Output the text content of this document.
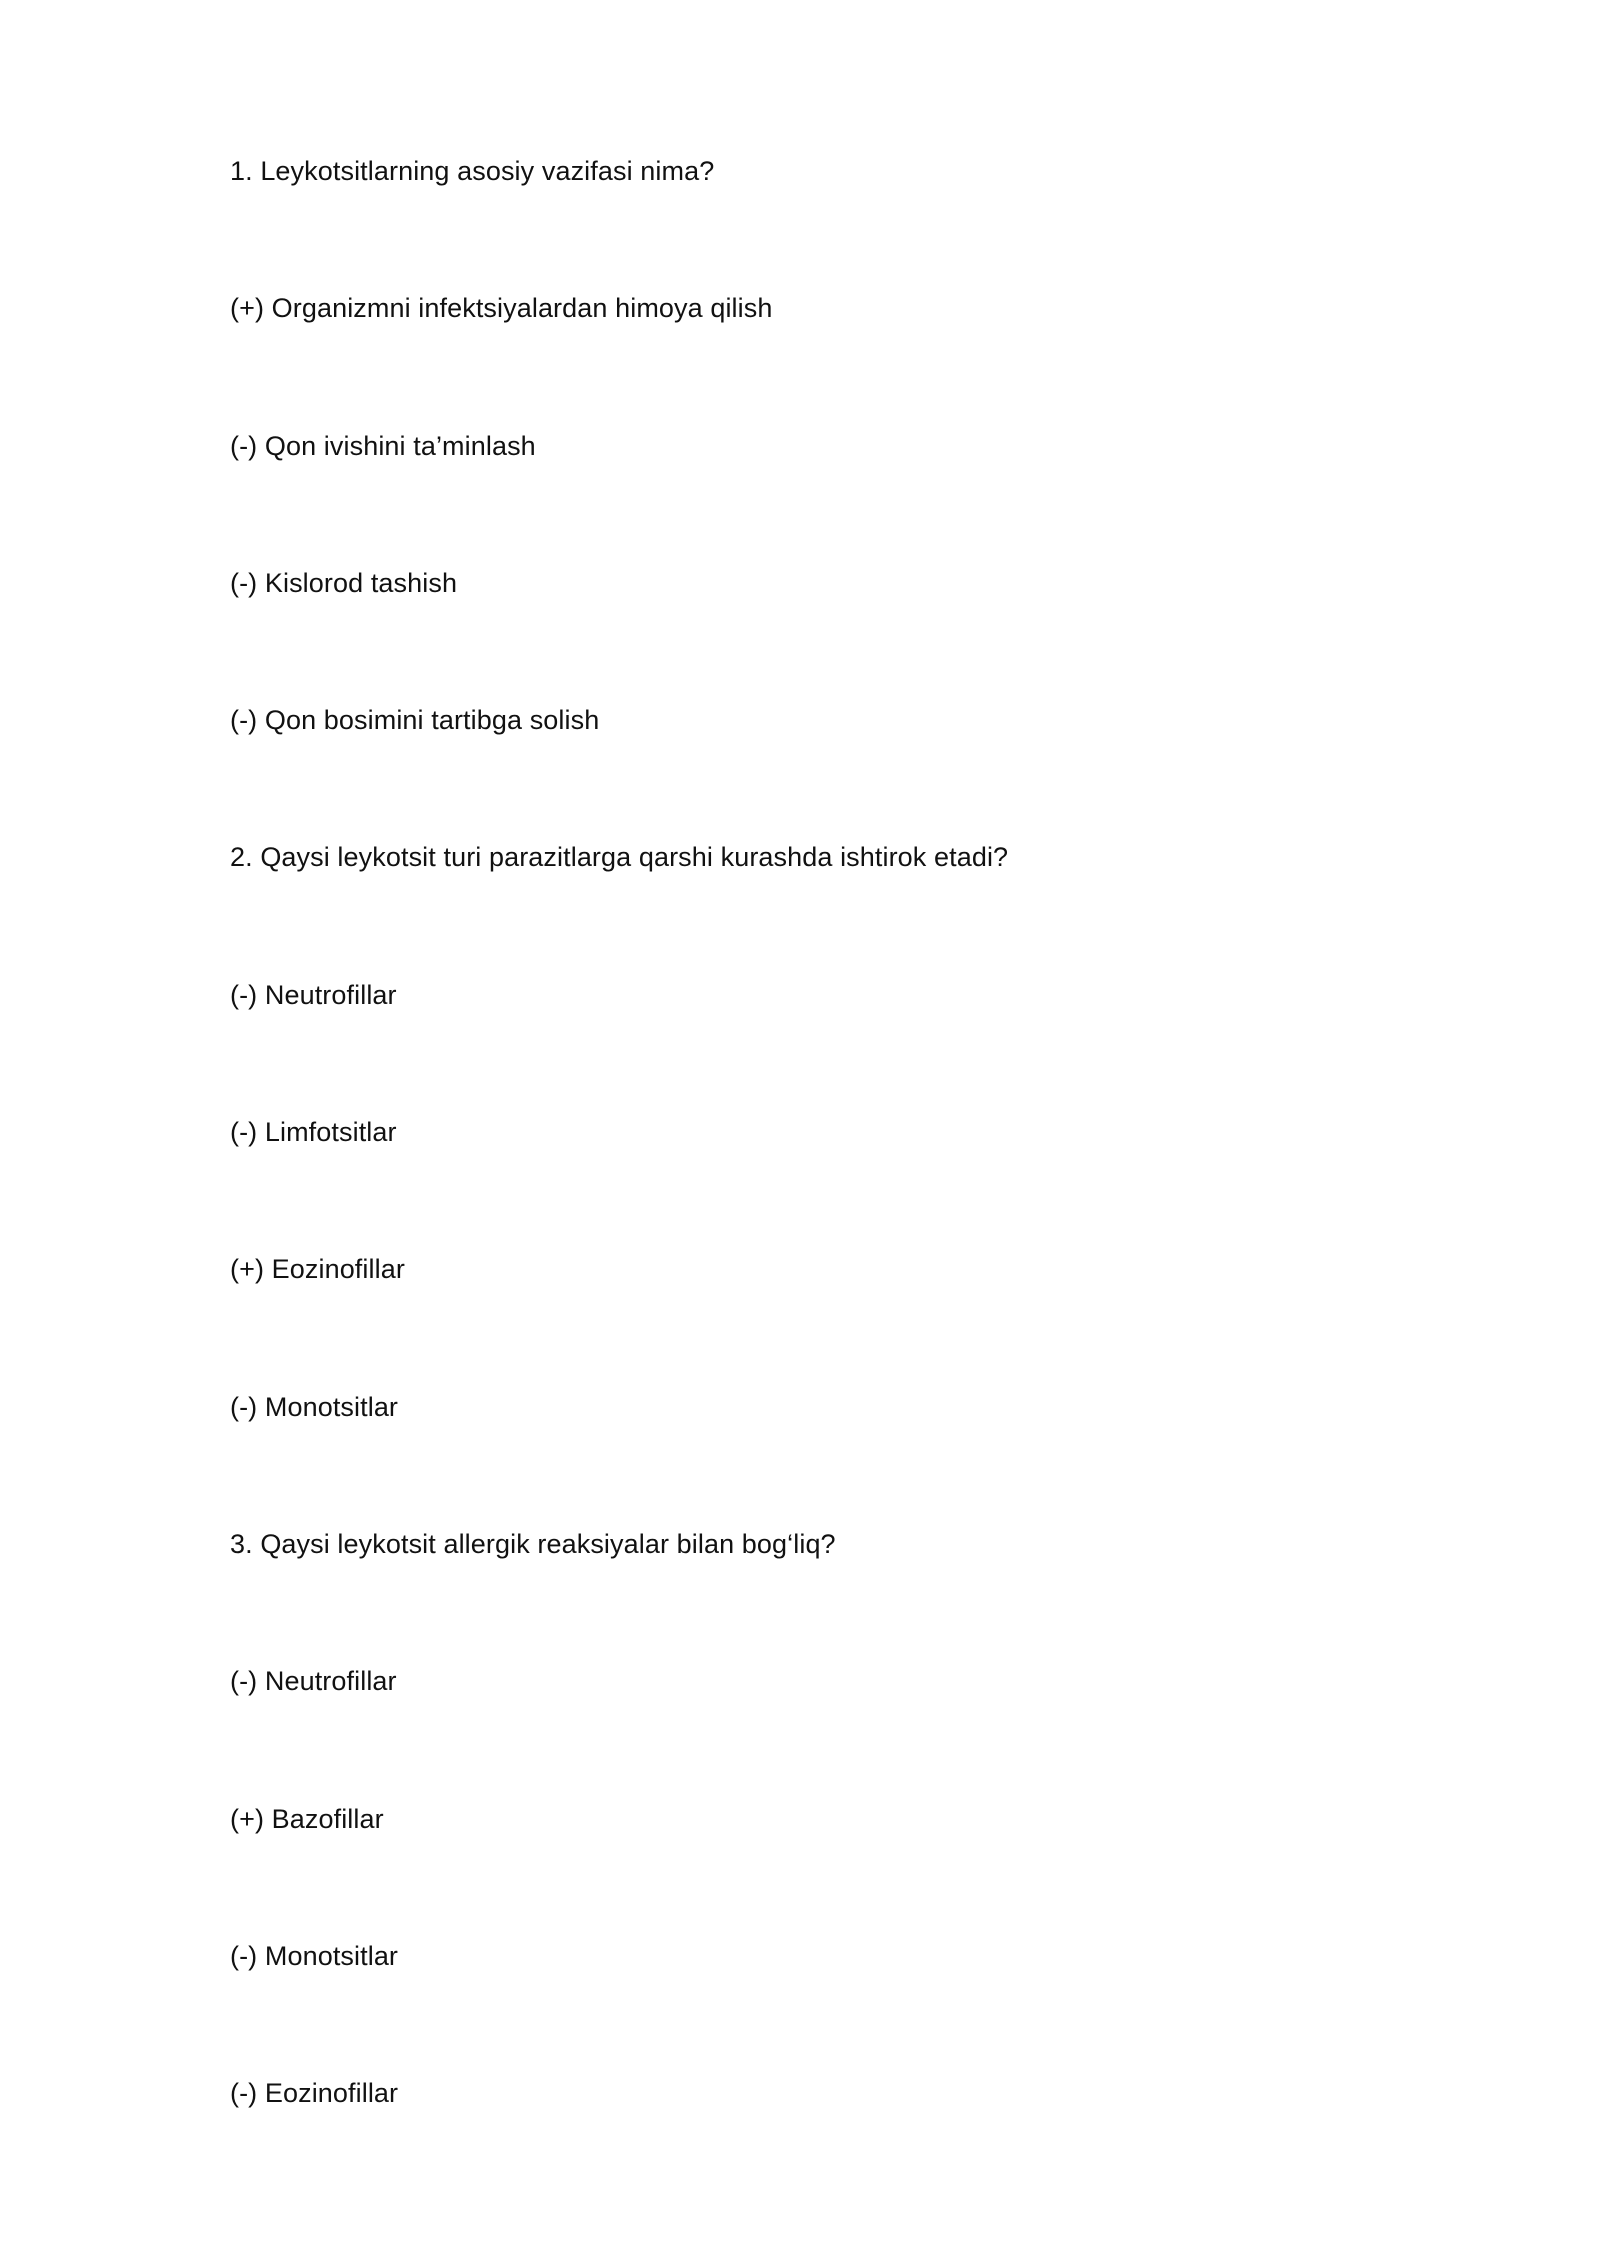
1. Leykotsitlarning asosiy vazifasi nima?
(+) Organizmni infektsiyalardan himoya qilish
(-) Qon ivishini ta’minlash
(-) Kislorod tashish
(-) Qon bosimini tartibga solish
2. Qaysi leykotsit turi parazitlarga qarshi kurashda ishtirok etadi?
(-) Neutrofillar
(-) Limfotsitlar
(+) Eozinofillar
(-) Monotsitlar
3. Qaysi leykotsit allergik reaksiyalar bilan bog‘liq?
(-) Neutrofillar
(+) Bazofillar
(-) Monotsitlar
(-) Eozinofillar
